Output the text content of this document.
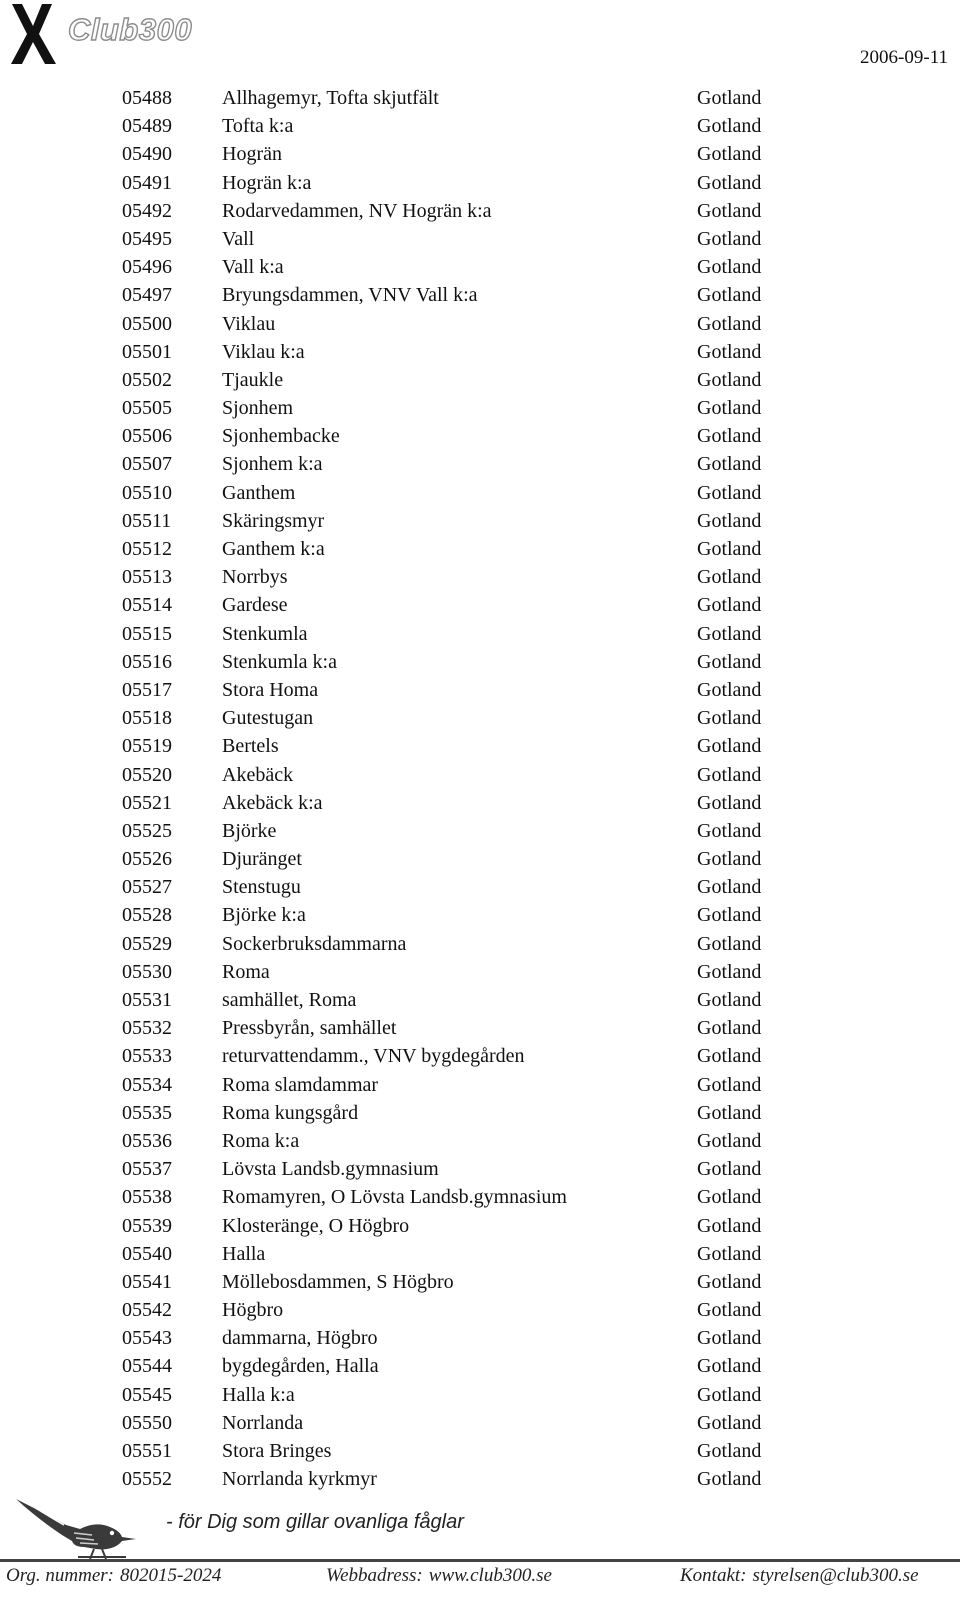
Club300
2006-09-11
05488	Allhagemyr, Tofta skjutfält	Gotland
05489	Tofta k:a	Gotland
05490	Hogrän	Gotland
05491	Hogrän k:a	Gotland
05492	Rodarvedammen, NV Hogrän k:a	Gotland
05495	Vall	Gotland
05496	Vall k:a	Gotland
05497	Bryungsdammen, VNV Vall k:a	Gotland
05500	Viklau	Gotland
05501	Viklau k:a	Gotland
05502	Tjaukle	Gotland
05505	Sjonhem	Gotland
05506	Sjonhembacke	Gotland
05507	Sjonhem k:a	Gotland
05510	Ganthem	Gotland
05511	Skäringsmyr	Gotland
05512	Ganthem k:a	Gotland
05513	Norrbys	Gotland
05514	Gardese	Gotland
05515	Stenkumla	Gotland
05516	Stenkumla k:a	Gotland
05517	Stora Homa	Gotland
05518	Gutestugan	Gotland
05519	Bertels	Gotland
05520	Akebäck	Gotland
05521	Akebäck k:a	Gotland
05525	Björke	Gotland
05526	Djuränget	Gotland
05527	Stenstugu	Gotland
05528	Björke k:a	Gotland
05529	Sockerbruksdammarna	Gotland
05530	Roma	Gotland
05531	samhället, Roma	Gotland
05532	Pressbyrån, samhället	Gotland
05533	returvattendamm., VNV bygdegården	Gotland
05534	Roma slamdammar	Gotland
05535	Roma kungsgård	Gotland
05536	Roma k:a	Gotland
05537	Lövsta Landsb.gymnasium	Gotland
05538	Romamyren, O Lövsta Landsb.gymnasium	Gotland
05539	Klosteränge, O Högbro	Gotland
05540	Halla	Gotland
05541	Möllebosdammen, S Högbro	Gotland
05542	Högbro	Gotland
05543	dammarna, Högbro	Gotland
05544	bygdegården, Halla	Gotland
05545	Halla k:a	Gotland
05550	Norrlanda	Gotland
05551	Stora Bringes	Gotland
05552	Norrlanda kyrkmyr	Gotland
- för Dig som gillar ovanliga fåglar
Org. nummer: 802015-2024	Webbadress: www.club300.se	Kontakt: styrelsen@club300.se
